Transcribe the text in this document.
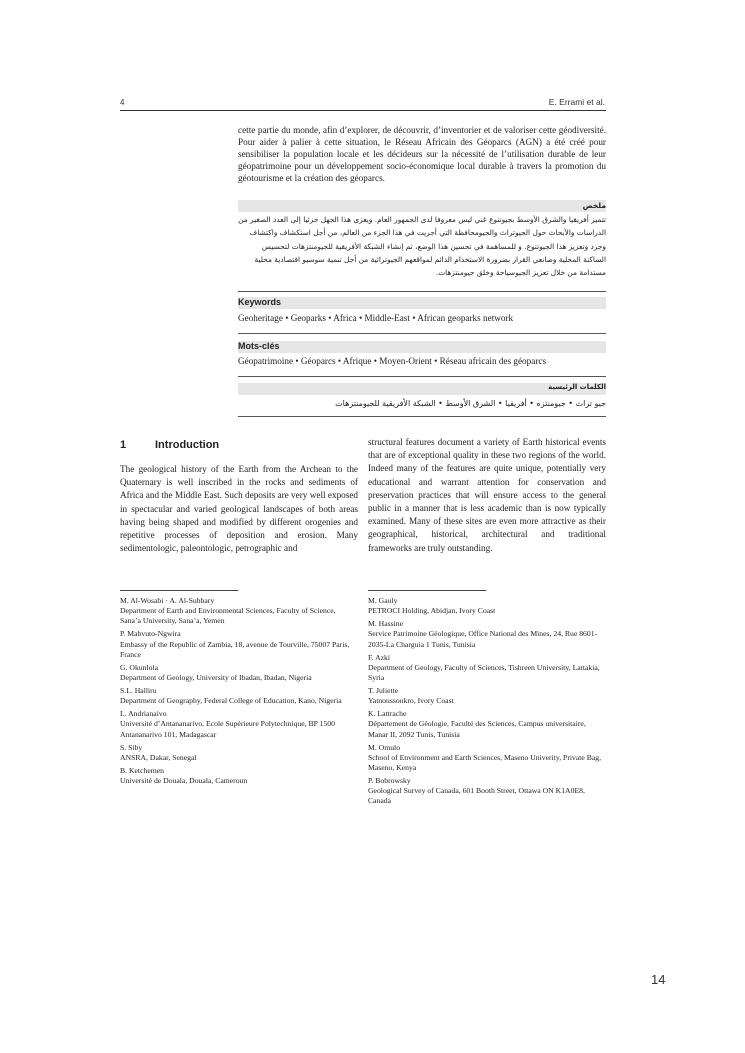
4	E. Errami et al.
cette partie du monde, afin d’explorer, de découvrir, d’inventorier et de valoriser cette géodiversité. Pour aider à palier à cette situation, le Réseau Africain des Géoparcs (AGN) a été créé pour sensibiliser la population locale et les décideurs sur la nécessité de l’utilisation durable de leur géopatrimoine pour un développement socio-économique local durable à travers la promotion du géotourisme et la création des géoparcs.
ملخص
تتميز أفريقيا والشرق الأوسط بجيوتنوع غني ليس معروفا لدى الجمهور العام. ويعزى هذا الجهل جزئيا إلى العدد الصغير من الدراسات والأبحاث حول الجيوتراث والجيومحافظة التي أجريت في هذا الجزء من العالم، من أجل استكشاف واكتشاف وجرد وتعزيز هذا الجيوتنوع. و للمساهمة في تحسين هذا الوضع، تم إنشاء الشبكة الأفريقية للجيومنتزهات لتحسيس الساكنة المحلية وصانعي القرار بضرورة الاستخدام الدائم لمواقعهم الجيوتراثية من أجل تنمية سوسيو اقتصادية محلية مستدامة من خلال تعزيز الجيوسياحة وخلق جيومنتزهات.
Keywords
Geoheritage • Geoparks • Africa • Middle-East • African geoparks network
Mots-clés
Géopatrimoine • Géoparcs • Afrique • Moyen-Orient • Réseau africain des géoparcs
الكلمات الرئيسية
جيو تراث • جيومنتزه • أفريقيا • الشرق الأوسط • الشبكة الأفريقية للجيومنتزهات
1	Introduction
The geological history of the Earth from the Archean to the Quaternary is well inscribed in the rocks and sediments of Africa and the Middle East. Such deposits are very well exposed in spectacular and varied geological landscapes of both areas having being shaped and modified by different orogenies and repetitive processes of deposition and erosion. Many sedimentologic, paleontologic, petrographic and
structural features document a variety of Earth historical events that are of exceptional quality in these two regions of the world. Indeed many of the features are quite unique, potentially very educational and warrant attention for conservation and preservation practices that will ensure access to the general public in a manner that is less academic than is now typically examined. Many of these sites are even more attractive as their geographical, historical, architectural and traditional frameworks are truly outstanding.
M. Al-Wosabi · A. Al-Subbary
Department of Earth and Environmental Sciences, Faculty of Science, Sana’a University, Sana’a, Yemen
P. Mabvuto-Ngwira
Embassy of the Republic of Zambia, 18, avenue de Tourville, 75007 Paris, France
G. Okunlola
Department of Geology, University of Ibadan, Ibadan, Nigeria
S.L. Halliru
Department of Geography, Federal College of Education, Kano, Nigeria
L. Andrianaivo
Université d’Antananarivo, Ecole Supérieure Polytechnique, BP 1500 Antananarivo 101, Madagascar
S. Siby
ANSRA, Dakar, Senegal
B. Ketchemen
Université de Douala, Douala, Cameroun
M. Gauly
PETROCI Holding, Abidjan, Ivory Coast
M. Hassine
Service Patrimoine Géologique, Office National des Mines, 24, Rue 8601-2035-La Charguia 1 Tunis, Tunisia
F. Azki
Department of Geology, Faculty of Sciences, Tishreen University, Lattakia, Syria
T. Juliette
Yamoussoukro, Ivory Coast
K. Lattrache
Département de Géologie, Faculté des Sciences, Campus universitaire, Manar II, 2092 Tunis, Tunisia
M. Omulo
School of Environment and Earth Sciences, Maseno Univerity, Private Bag, Maseno, Kenya
P. Bobrowsky
Geological Survey of Canada, 601 Booth Street, Ottawa ON K1A0E8, Canada
14
